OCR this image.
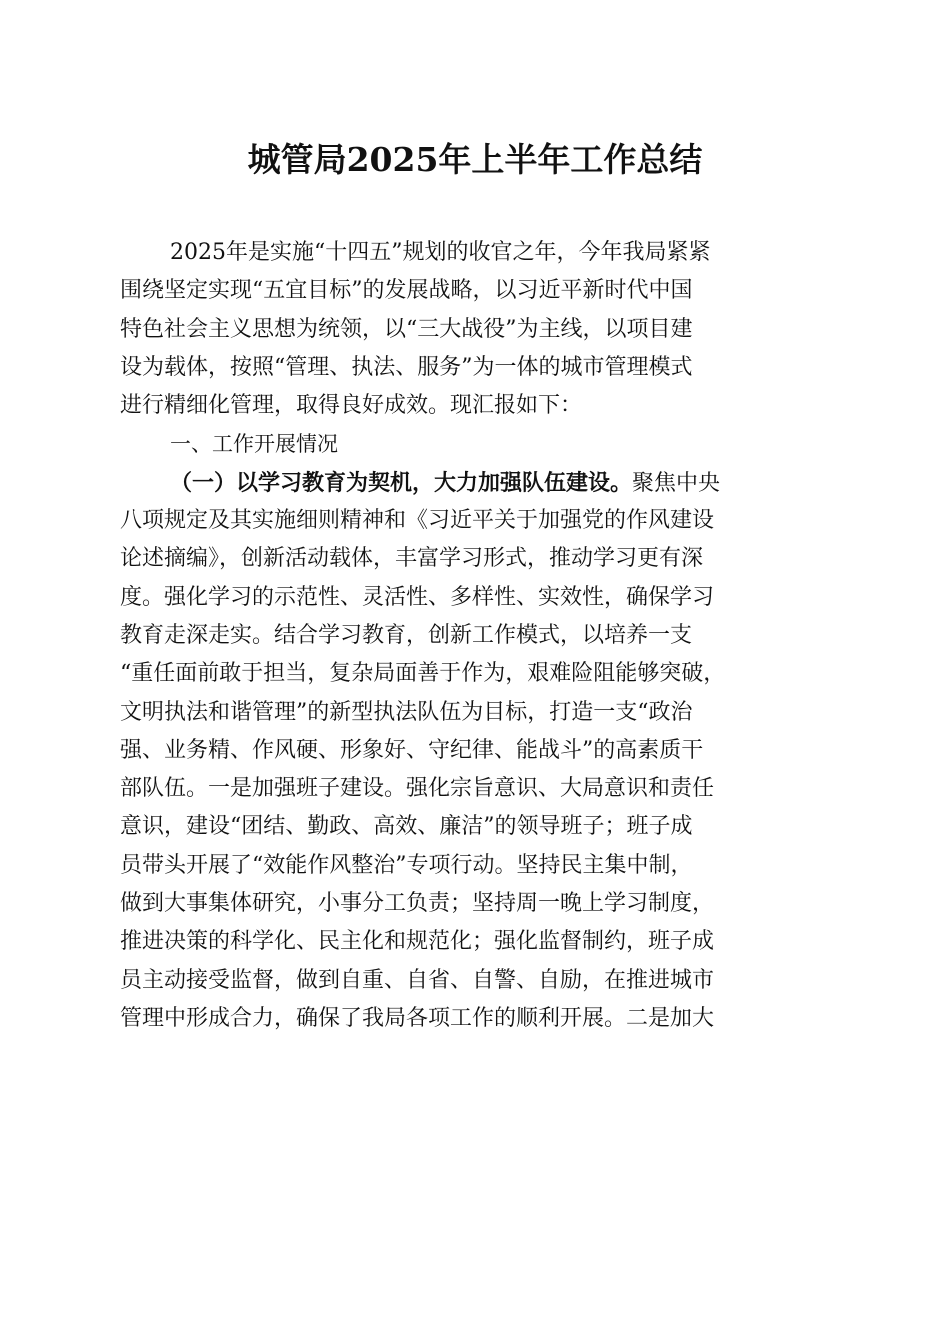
城管局2025年上半年工作总结
2025年是实施“十四五”规划的收官之年，今年我局紧紧
围绕坚定实现“五宜目标”的发展战略，以习近平新时代中国
特色社会主义思想为统领，以“三大战役”为主线，以项目建
设为载体，按照“管理、执法、服务”为一体的城市管理模式
进行精细化管理，取得良好成效。现汇报如下：
一、工作开展情况
（一）以学习教育为契机，大力加强队伍建设。聚焦中央
八项规定及其实施细则精神和《习近平关于加强党的作风建设
论述摘编》，创新活动载体，丰富学习形式，推动学习更有深
度。强化学习的示范性、灵活性、多样性、实效性，确保学习
教育走深走实。结合学习教育，创新工作模式，以培养一支
“重任面前敢于担当，复杂局面善于作为，艰难险阻能够突破，
文明执法和谐管理”的新型执法队伍为目标，打造一支“政治
强、业务精、作风硬、形象好、守纪律、能战斗”的高素质干
部队伍。一是加强班子建设。强化宗旨意识、大局意识和责任
意识，建设“团结、勤政、高效、廉洁”的领导班子；班子成
员带头开展了“效能作风整治”专项行动。坚持民主集中制，
做到大事集体研究，小事分工负责；坚持周一晚上学习制度，
推进决策的科学化、民主化和规范化；强化监督制约，班子成
员主动接受监督，做到自重、自省、自警、自励，在推进城市
管理中形成合力，确保了我局各项工作的顺利开展。二是加大
